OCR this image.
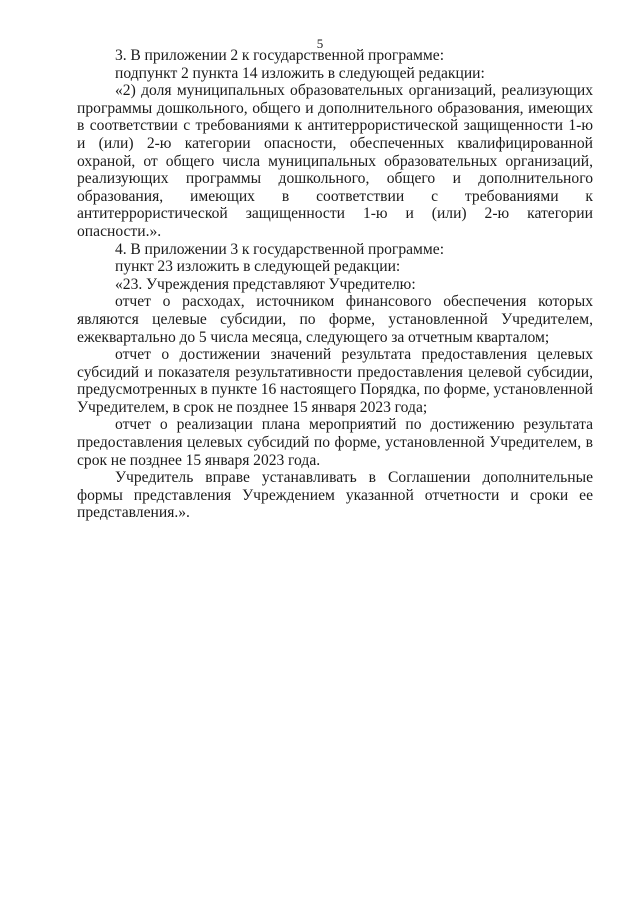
5

3. В приложении 2 к государственной программе:

подпункт 2 пункта 14 изложить в следующей редакции:

«2) доля муниципальных образовательных организаций, реализующих программы дошкольного, общего и дополнительного образования, имеющих в соответствии с требованиями к антитеррористической защищенности 1-ю и (или) 2-ю категории опасности, обеспеченных квалифицированной охраной, от общего числа муниципальных образовательных организаций, реализующих программы дошкольного, общего и дополнительного образования, имеющих в соответствии с требованиями к антитеррористической защищенности 1-ю и (или) 2-ю категории опасности.».

4. В приложении 3 к государственной программе:

пункт 23 изложить в следующей редакции:

«23. Учреждения представляют Учредителю:

отчет о расходах, источником финансового обеспечения которых являются целевые субсидии, по форме, установленной Учредителем, ежеквартально до 5 числа месяца, следующего за отчетным кварталом;

отчет о достижении значений результата предоставления целевых субсидий и показателя результативности предоставления целевой субсидии, предусмотренных в пункте 16 настоящего Порядка, по форме, установленной Учредителем, в срок не позднее 15 января 2023 года;

отчет о реализации плана мероприятий по достижению результата предоставления целевых субсидий по форме, установленной Учредителем, в срок не позднее 15 января 2023 года.

Учредитель вправе устанавливать в Соглашении дополнительные формы представления Учреждением указанной отчетности и сроки ее представления.».
